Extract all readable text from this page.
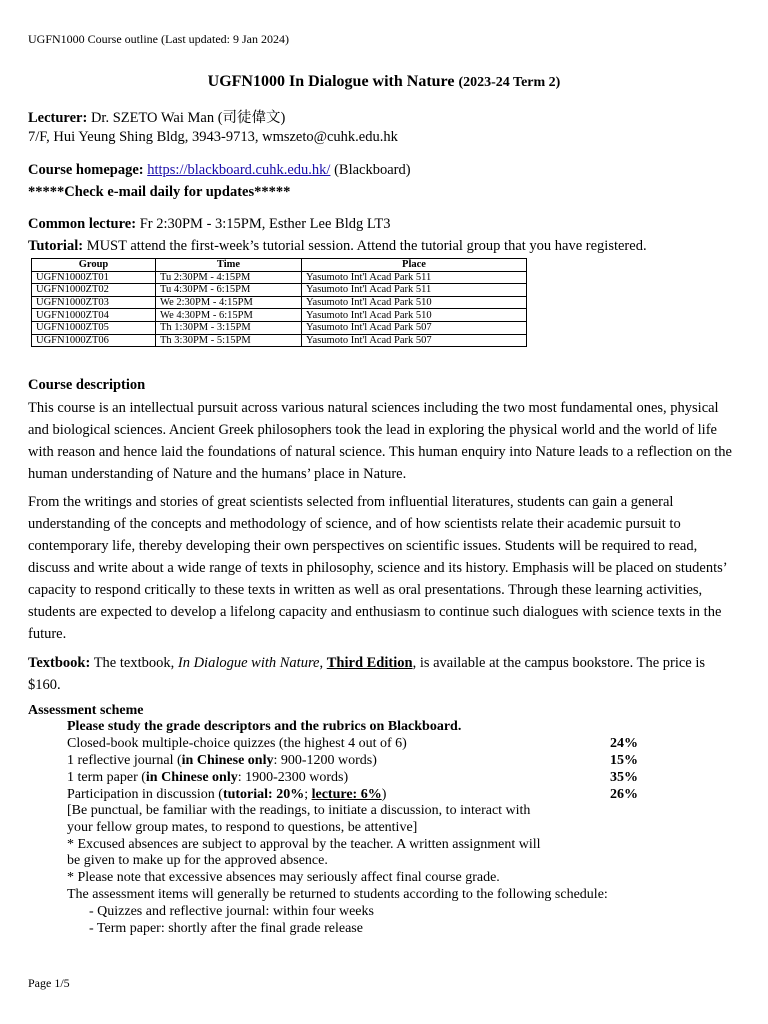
UGFN1000 Course outline (Last updated: 9 Jan 2024)
UGFN1000 In Dialogue with Nature (2023-24 Term 2)
Lecturer: Dr. SZETO Wai Man (司徒偉文)
7/F, Hui Yeung Shing Bldg, 3943-9713, wmszeto@cuhk.edu.hk
Course homepage: https://blackboard.cuhk.edu.hk/ (Blackboard)
*****Check e-mail daily for updates*****
Common lecture: Fr 2:30PM - 3:15PM, Esther Lee Bldg LT3
Tutorial: MUST attend the first-week’s tutorial session. Attend the tutorial group that you have registered.
Group	Time	Place
UGFN1000ZT01	Tu 2:30PM - 4:15PM	Yasumoto Int'l Acad Park 511
UGFN1000ZT02	Tu 4:30PM - 6:15PM	Yasumoto Int'l Acad Park 511
UGFN1000ZT03	We 2:30PM - 4:15PM	Yasumoto Int'l Acad Park 510
UGFN1000ZT04	We 4:30PM - 6:15PM	Yasumoto Int'l Acad Park 510
UGFN1000ZT05	Th 1:30PM - 3:15PM	Yasumoto Int'l Acad Park 507
UGFN1000ZT06	Th 3:30PM - 5:15PM	Yasumoto Int'l Acad Park 507
Course description
This course is an intellectual pursuit across various natural sciences including the two most fundamental ones, physical and biological sciences. Ancient Greek philosophers took the lead in exploring the physical world and the world of life with reason and hence laid the foundations of natural science. This human enquiry into Nature leads to a reflection on the human understanding of Nature and the humans’ place in Nature.
From the writings and stories of great scientists selected from influential literatures, students can gain a general understanding of the concepts and methodology of science, and of how scientists relate their academic pursuit to contemporary life, thereby developing their own perspectives on scientific issues. Students will be required to read, discuss and write about a wide range of texts in philosophy, science and its history. Emphasis will be placed on students’ capacity to respond critically to these texts in written as well as oral presentations. Through these learning activities, students are expected to develop a lifelong capacity and enthusiasm to continue such dialogues with science texts in the future.
Textbook: The textbook, In Dialogue with Nature, Third Edition, is available at the campus bookstore. The price is $160.
Assessment scheme
Please study the grade descriptors and the rubrics on Blackboard.
Closed-book multiple-choice quizzes (the highest 4 out of 6)	24%
1 reflective journal (in Chinese only: 900-1200 words)	15%
1 term paper (in Chinese only: 1900-2300 words)	35%
Participation in discussion (tutorial: 20%; lecture: 6%)	26%
[Be punctual, be familiar with the readings, to initiate a discussion, to interact with
your fellow group mates, to respond to questions, be attentive]
* Excused absences are subject to approval by the teacher. A written assignment will
be given to make up for the approved absence.
* Please note that excessive absences may seriously affect final course grade.
The assessment items will generally be returned to students according to the following schedule:
- Quizzes and reflective journal: within four weeks
- Term paper: shortly after the final grade release
Page 1/5
